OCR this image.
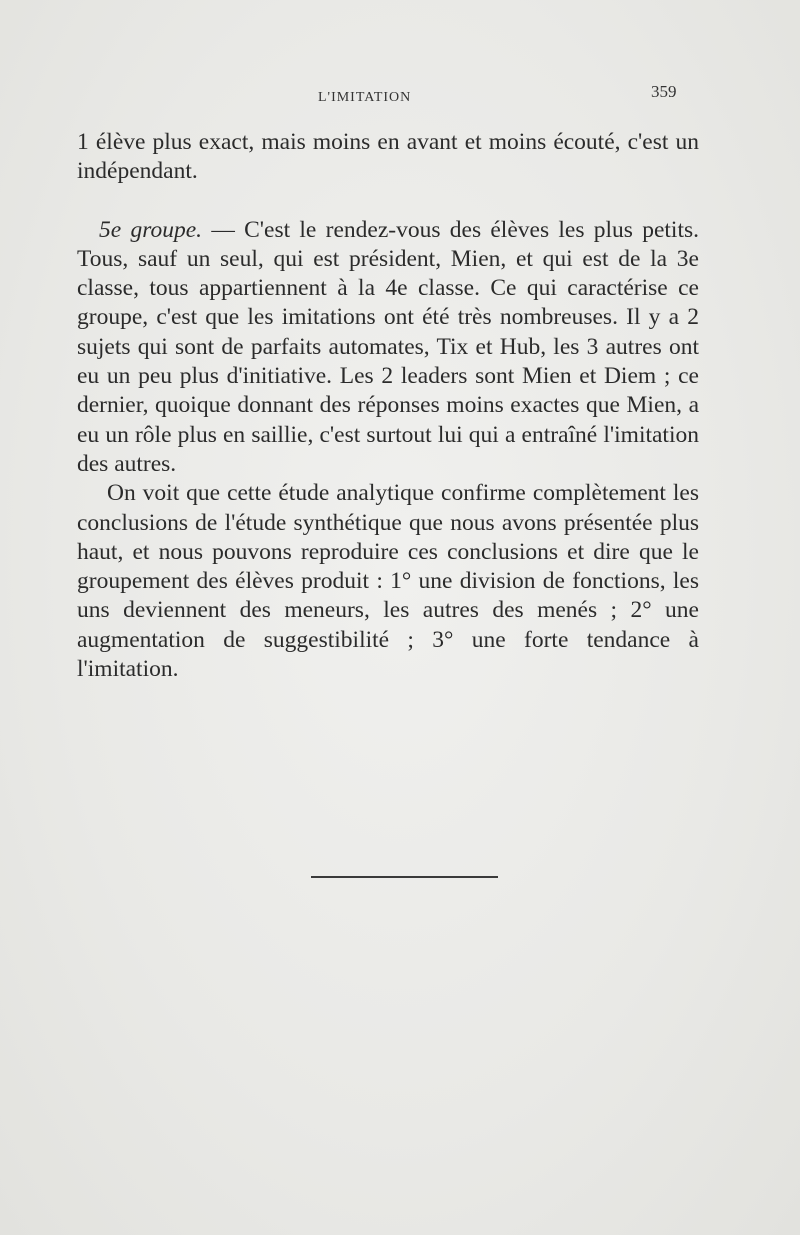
L'IMITATION	359

1 élève plus exact, mais moins en avant et moins écouté, c'est un indépendant.

5e groupe. — C'est le rendez-vous des élèves les plus petits. Tous, sauf un seul, qui est président, Mien, et qui est de la 3e classe, tous appartiennent à la 4e classe. Ce qui caractérise ce groupe, c'est que les imitations ont été très nombreuses. Il y a 2 sujets qui sont de parfaits automates, Tix et Hub, les 3 autres ont eu un peu plus d'initiative. Les 2 leaders sont Mien et Diem ; ce dernier, quoique donnant des réponses moins exactes que Mien, a eu un rôle plus en saillie, c'est surtout lui qui a entraîné l'imitation des autres.

On voit que cette étude analytique confirme complètement les conclusions de l'étude synthétique que nous avons présentée plus haut, et nous pouvons reproduire ces conclusions et dire que le groupement des élèves produit : 1° une division de fonctions, les uns deviennent des meneurs, les autres des menés ; 2° une augmentation de suggestibilité ; 3° une forte tendance à l'imitation.
